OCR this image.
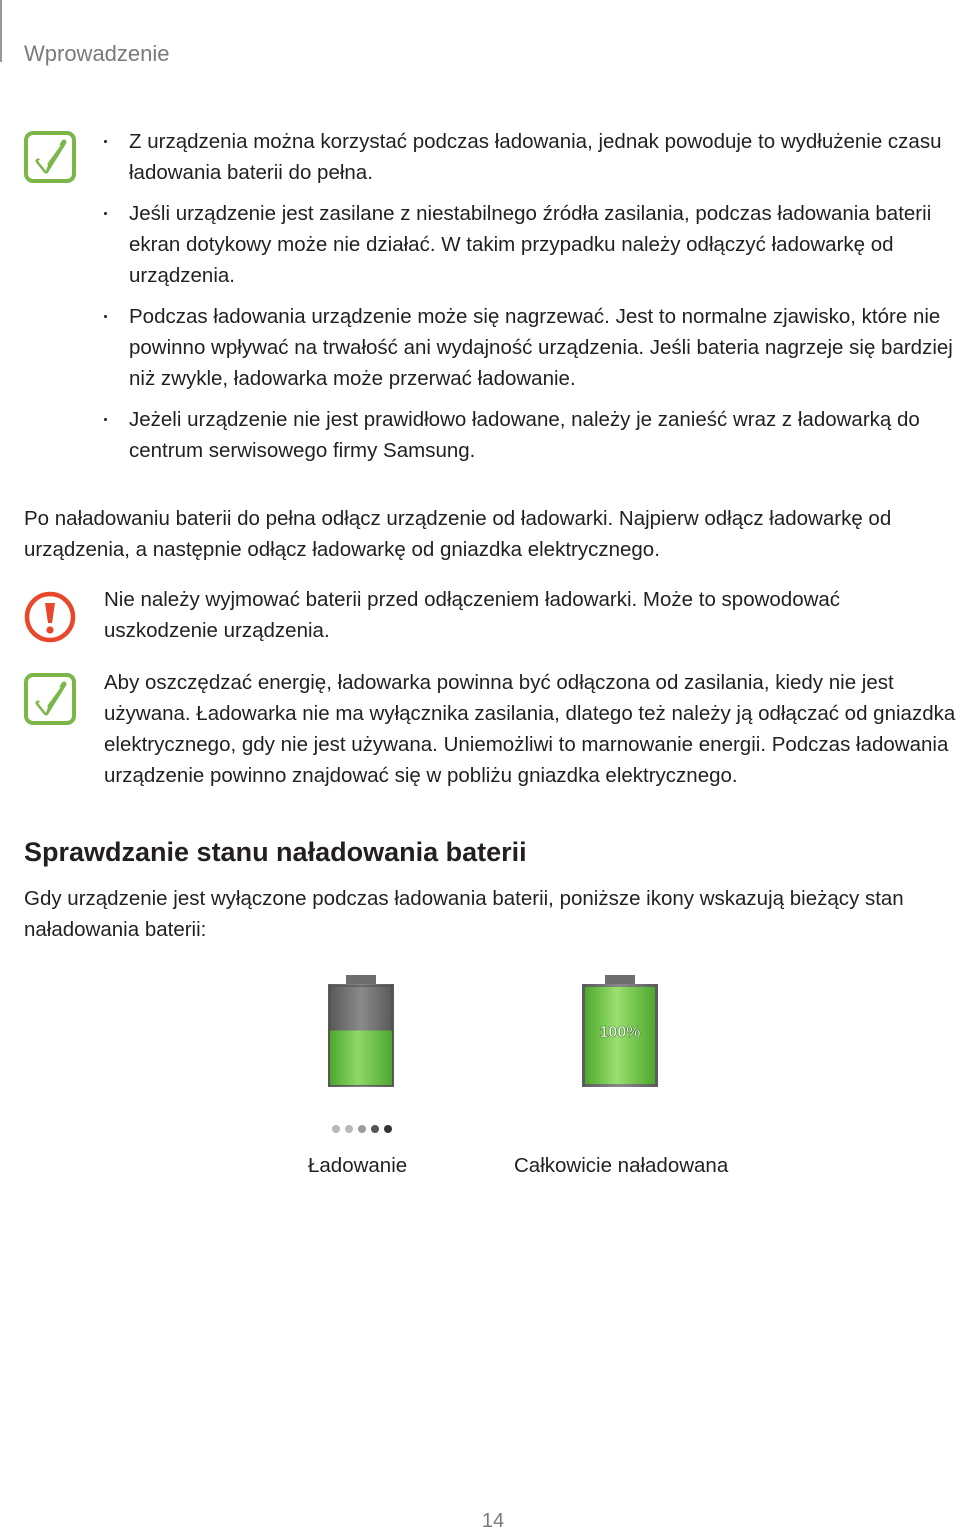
Wprowadzenie
Z urządzenia można korzystać podczas ładowania, jednak powoduje to wydłużenie czasu ładowania baterii do pełna.
Jeśli urządzenie jest zasilane z niestabilnego źródła zasilania, podczas ładowania baterii ekran dotykowy może nie działać. W takim przypadku należy odłączyć ładowarkę od urządzenia.
Podczas ładowania urządzenie może się nagrzewać. Jest to normalne zjawisko, które nie powinno wpływać na trwałość ani wydajność urządzenia. Jeśli bateria nagrzeje się bardziej niż zwykle, ładowarka może przerwać ładowanie.
Jeżeli urządzenie nie jest prawidłowo ładowane, należy je zanieść wraz z ładowarką do centrum serwisowego firmy Samsung.

Po naładowaniu baterii do pełna odłącz urządzenie od ładowarki. Najpierw odłącz ładowarkę od urządzenia, a następnie odłącz ładowarkę od gniazdka elektrycznego.

Nie należy wyjmować baterii przed odłączeniem ładowarki. Może to spowodować uszkodzenie urządzenia.

Aby oszczędzać energię, ładowarka powinna być odłączona od zasilania, kiedy nie jest używana. Ładowarka nie ma wyłącznika zasilania, dlatego też należy ją odłączać od gniazdka elektrycznego, gdy nie jest używana. Uniemożliwi to marnowanie energii. Podczas ładowania urządzenie powinno znajdować się w pobliżu gniazdka elektrycznego.

Sprawdzanie stanu naładowania baterii

Gdy urządzenie jest wyłączone podczas ładowania baterii, poniższe ikony wskazują bieżący stan naładowania baterii:

Ładowanie
100%
Całkowicie naładowana
14
